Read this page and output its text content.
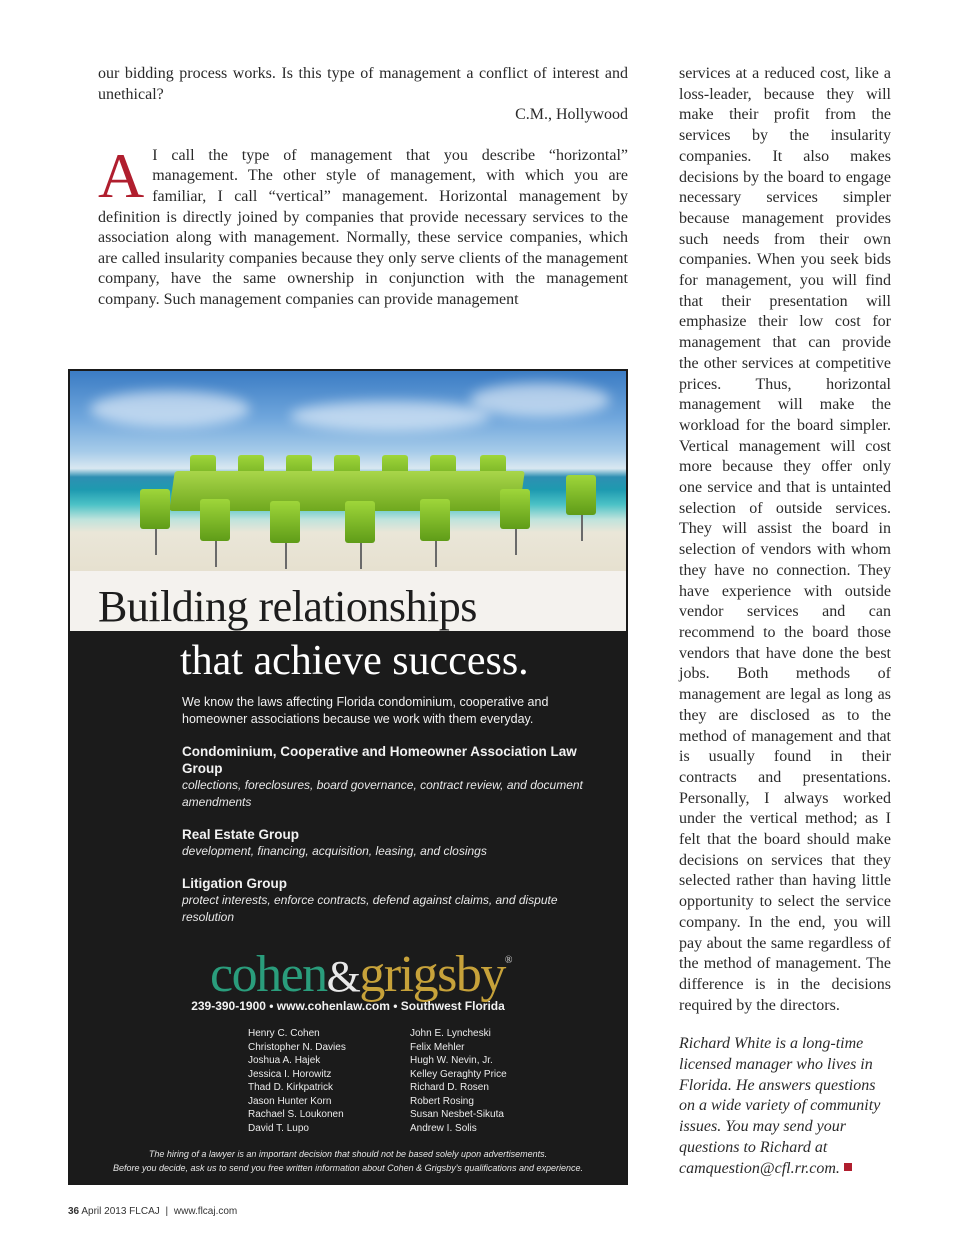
our bidding process works. Is this type of management a conflict of interest and unethical?

C.M., Hollywood

A I call the type of management that you describe “horizontal” management. The other style of management, with which you are familiar, I call “vertical” management. Horizontal management by definition is directly joined by companies that provide necessary services to the association along with management. Normally, these service companies, which are called insularity companies because they only serve clients of the management company, have the same ownership in conjunction with the management company. Such management companies can provide management
Building relationships
that achieve success.
We know the laws affecting Florida condominium, cooperative and homeowner associations because we work with them everyday.
Condominium, Cooperative and Homeowner Association Law Group
collections, foreclosures, board governance, contract review, and document amendments
Real Estate Group
development, financing, acquisition, leasing, and closings
Litigation Group
protect interests, enforce contracts, defend against claims, and dispute resolution
cohen&grigsby®
239-390-1900 • www.cohenlaw.com • Southwest Florida
Henry C. Cohen
Christopher N. Davies
Joshua A. Hajek
Jessica I. Horowitz
Thad D. Kirkpatrick
Jason Hunter Korn
Rachael S. Loukonen
David T. Lupo
John E. Lyncheski
Felix Mehler
Hugh W. Nevin, Jr.
Kelley Geraghty Price
Richard D. Rosen
Robert Rosing
Susan Nesbet-Sikuta
Andrew I. Solis
The hiring of a lawyer is an important decision that should not be based solely upon advertisements.
Before you decide, ask us to send you free written information about Cohen & Grigsby's qualifications and experience.

services at a reduced cost, like a loss-leader, because they will make their profit from the services by the insularity companies. It also makes decisions by the board to engage necessary services simpler because management provides such needs from their own companies. When you seek bids for management, you will find that their presentation will emphasize their low cost for management that can provide the other services at competitive prices. Thus, horizontal management will make the workload for the board simpler. Vertical management will cost more because they offer only one service and that is untainted selection of outside services. They will assist the board in selection of vendors with whom they have no connection. They have experience with outside vendor services and can recommend to the board those vendors that have done the best jobs. Both methods of management are legal as long as they are disclosed as to the method of management and that is usually found in their contracts and presentations. Personally, I always worked under the vertical method; as I felt that the board should make decisions on services that they selected rather than having little opportunity to select the service company. In the end, you will pay about the same regardless of the method of management. The difference is in the decisions required by the directors.

Richard White is a long-time licensed manager who lives in Florida. He answers questions on a wide variety of community issues. You may send your questions to Richard at camquestion@cfl.rr.com.

36 April 2013 FLCAJ | www.flcaj.com
